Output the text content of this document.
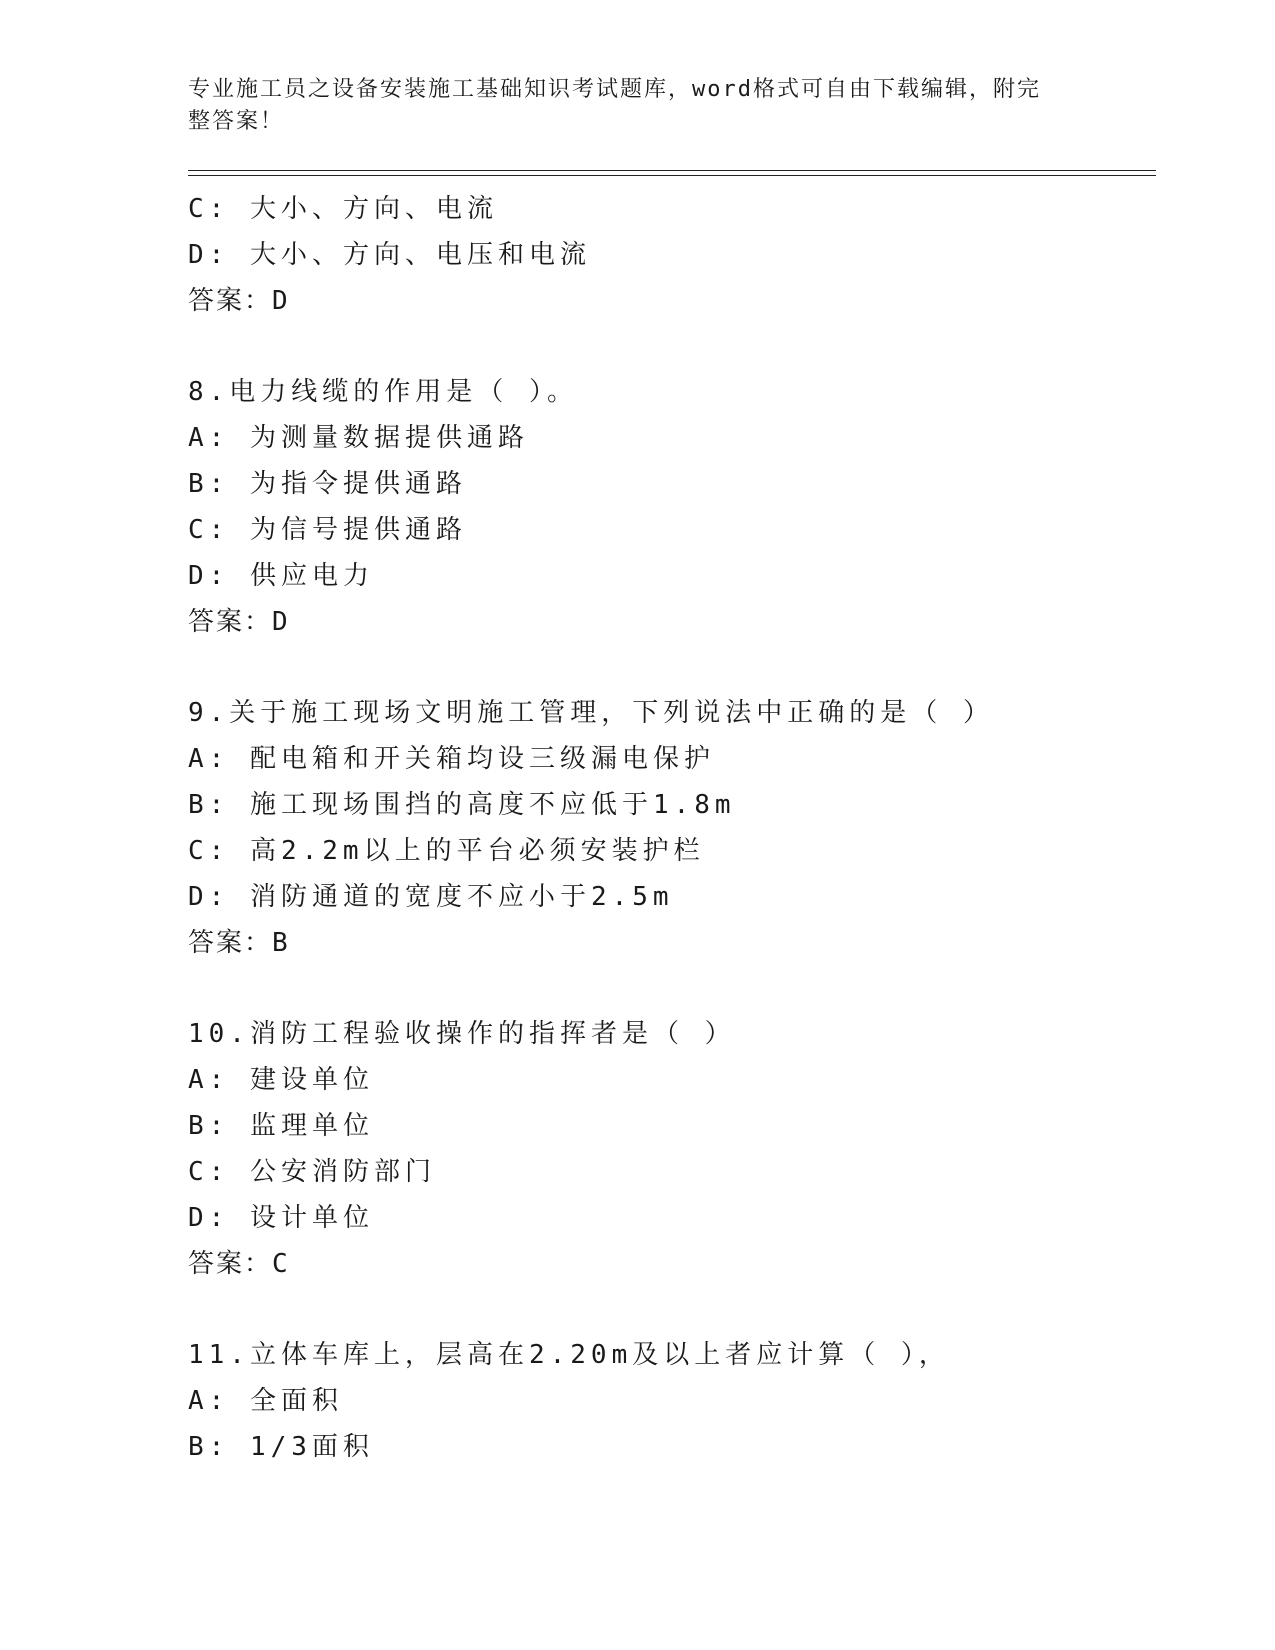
专业施工员之设备安装施工基础知识考试题库，word格式可自由下载编辑，附完
整答案！
C: 大小、方向、电流
D: 大小、方向、电压和电流
答案：D
8.电力线缆的作用是（ ）。
A: 为测量数据提供通路
B: 为指令提供通路
C: 为信号提供通路
D: 供应电力
答案：D
9.关于施工现场文明施工管理，下列说法中正确的是（ ）
A: 配电箱和开关箱均设三级漏电保护
B: 施工现场围挡的高度不应低于1.8m
C: 高2.2m以上的平台必须安装护栏
D: 消防通道的宽度不应小于2.5m
答案：B
10.消防工程验收操作的指挥者是（ ）
A: 建设单位
B: 监理单位
C: 公安消防部门
D: 设计单位
答案：C
11.立体车库上，层高在2.20m及以上者应计算（ ），
A: 全面积
B: 1/3面积
